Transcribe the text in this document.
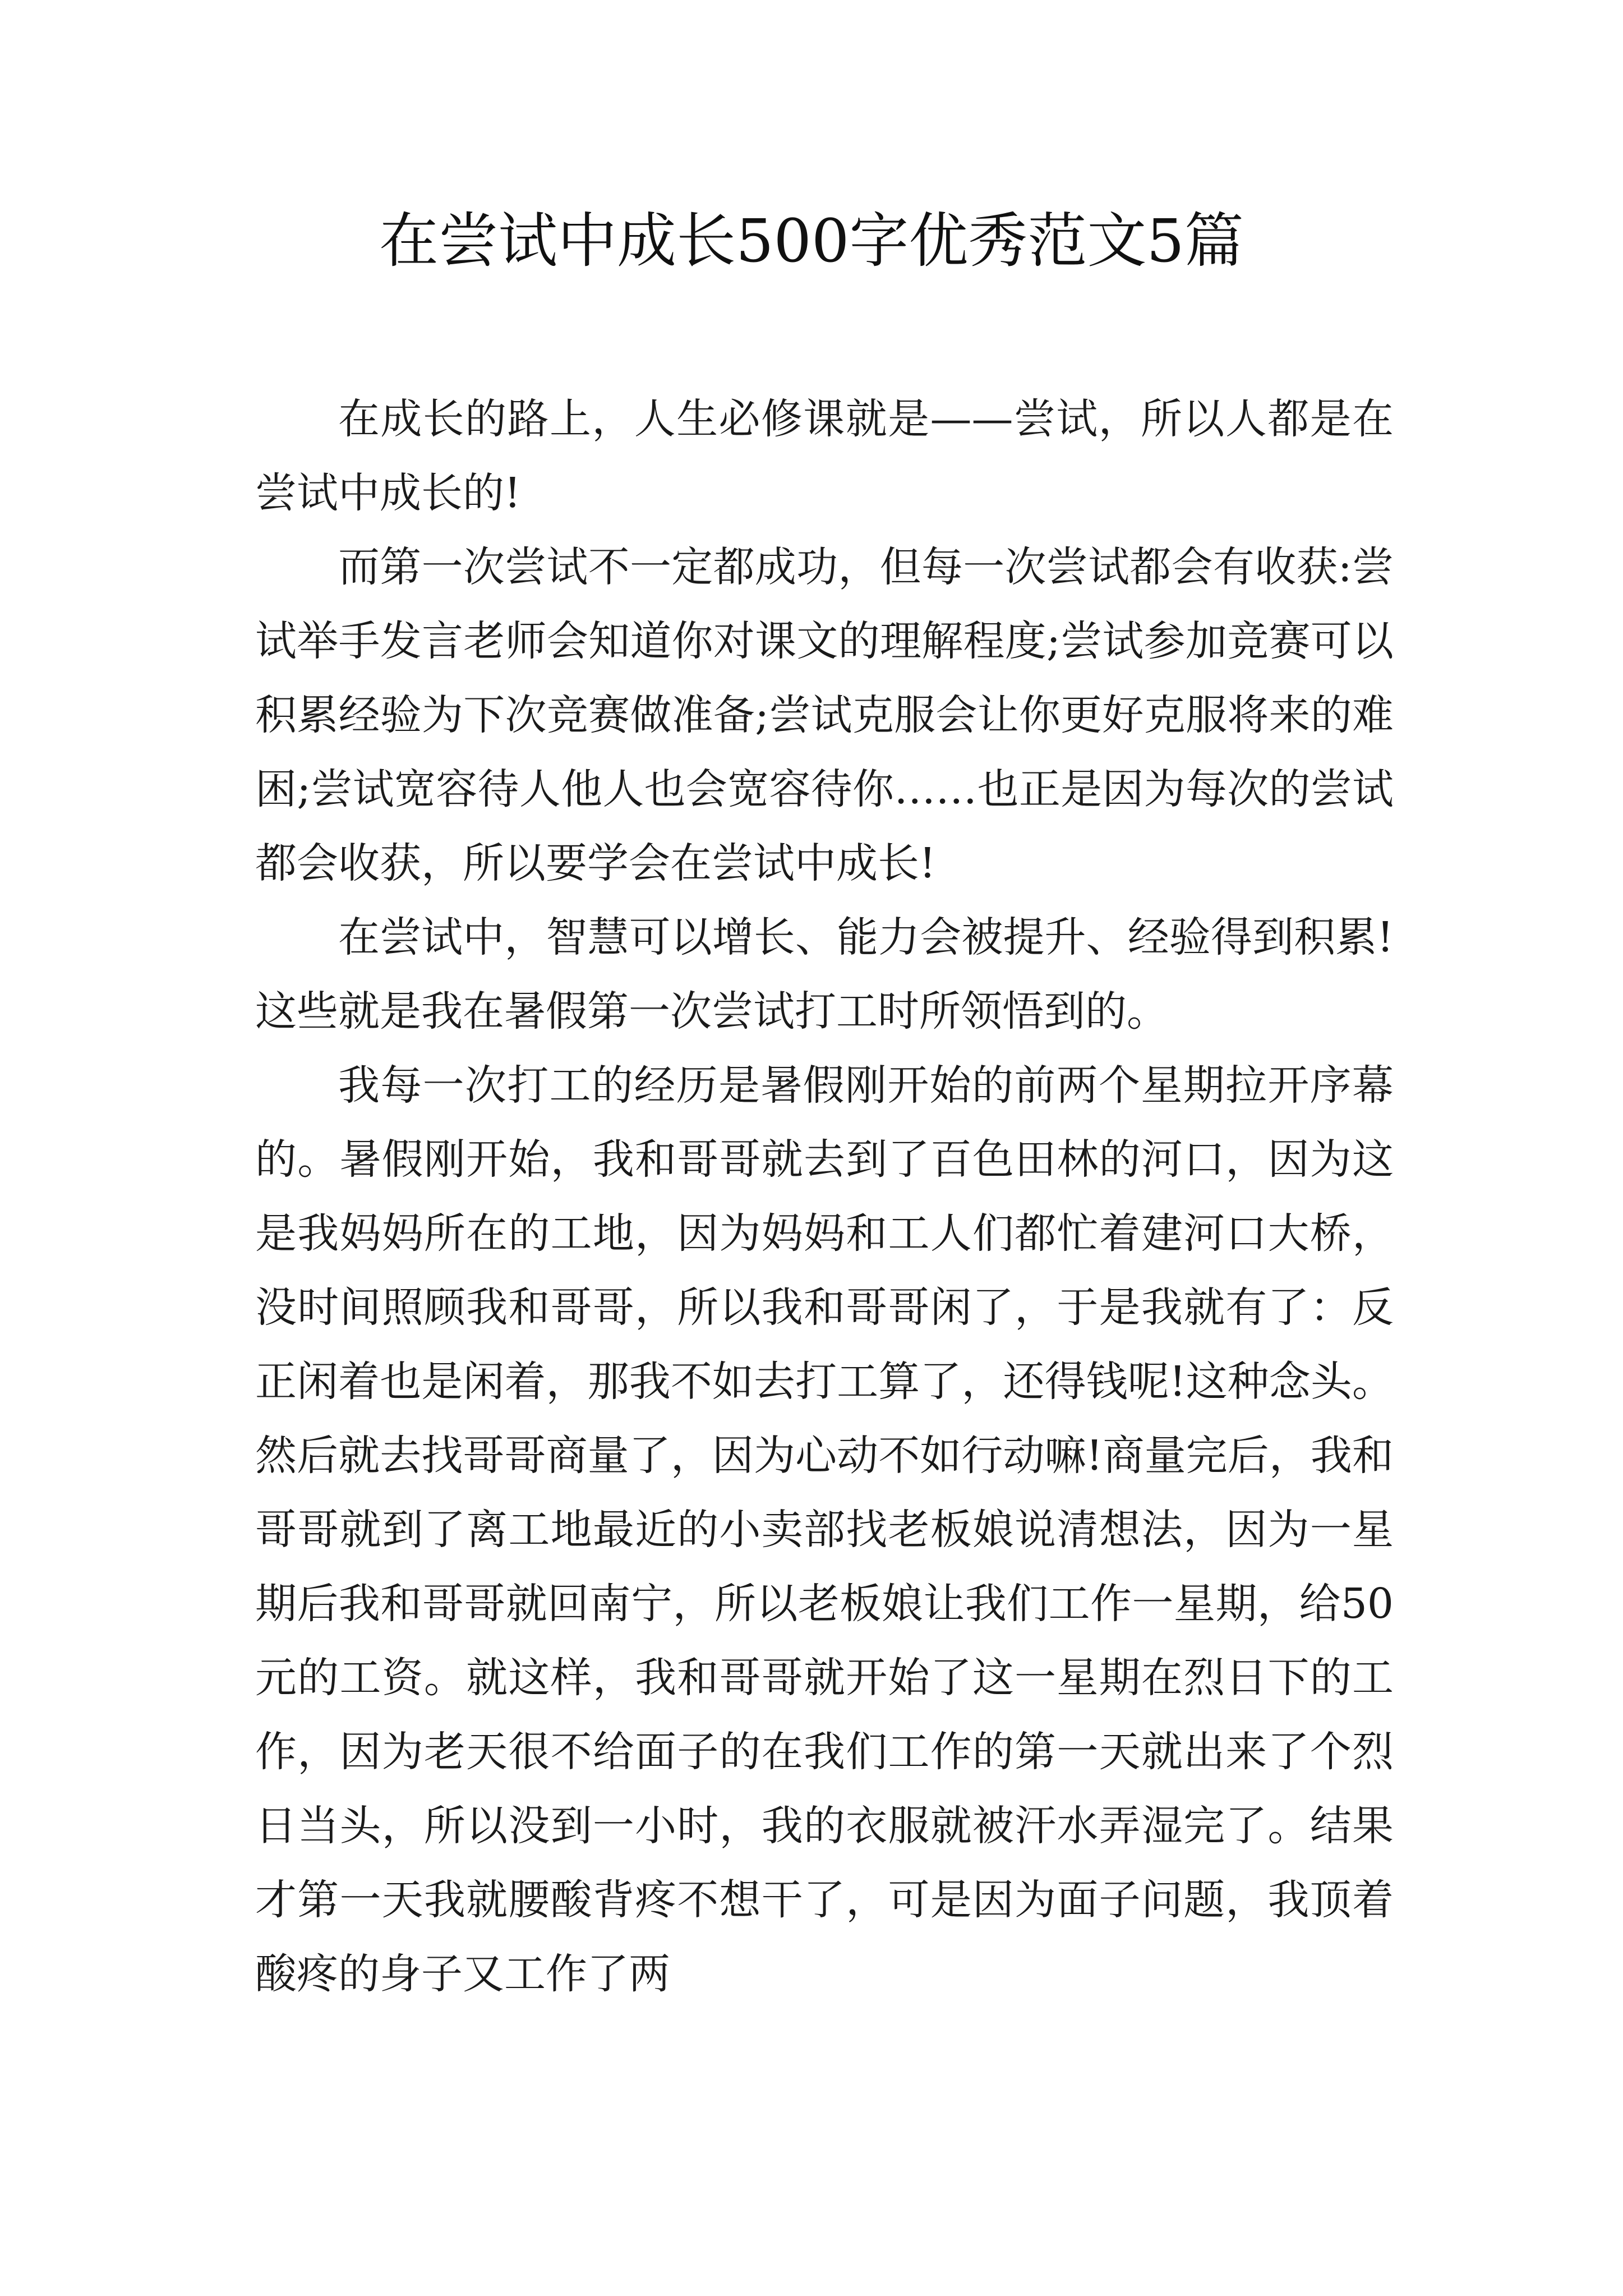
在尝试中成长500字优秀范文5篇

在成长的路上，人生必修课就是——尝试，所以人都是在尝试中成长的!

而第一次尝试不一定都成功，但每一次尝试都会有收获:尝试举手发言老师会知道你对课文的理解程度;尝试参加竞赛可以积累经验为下次竞赛做准备;尝试克服会让你更好克服将来的难困;尝试宽容待人他人也会宽容待你……也正是因为每次的尝试都会收获，所以要学会在尝试中成长!

在尝试中，智慧可以增长、能力会被提升、经验得到积累!这些就是我在暑假第一次尝试打工时所领悟到的。

我每一次打工的经历是暑假刚开始的前两个星期拉开序幕的。暑假刚开始，我和哥哥就去到了百色田林的河口，因为这是我妈妈所在的工地，因为妈妈和工人们都忙着建河口大桥，没时间照顾我和哥哥，所以我和哥哥闲了，于是我就有了：反正闲着也是闲着，那我不如去打工算了，还得钱呢!这种念头。然后就去找哥哥商量了，因为心动不如行动嘛!商量完后，我和哥哥就到了离工地最近的小卖部找老板娘说清想法，因为一星期后我和哥哥就回南宁，所以老板娘让我们工作一星期，给50元的工资。就这样，我和哥哥就开始了这一星期在烈日下的工作，因为老天很不给面子的在我们工作的第一天就出来了个烈日当头，所以没到一小时，我的衣服就被汗水弄湿完了。结果才第一天我就腰酸背疼不想干了，可是因为面子问题，我顶着酸疼的身子又工作了两
